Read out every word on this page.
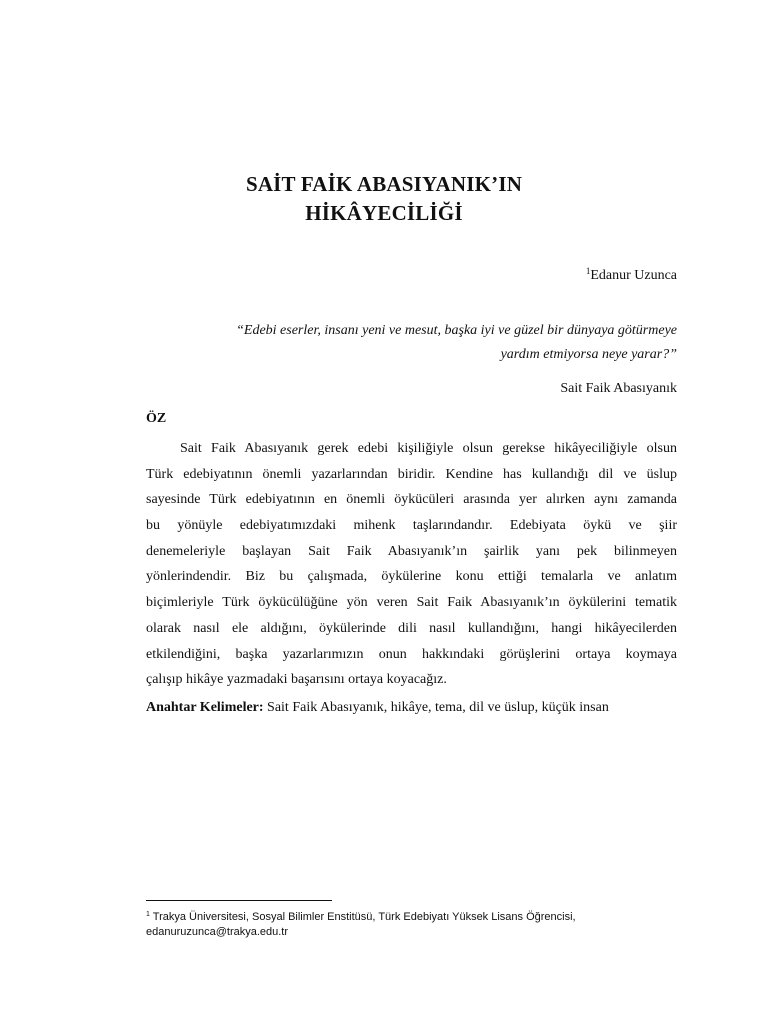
SAİT FAİK ABASIYANIK’IN
HİKÂYECİLİĞİ
$^1$Edanur Uzunca
“Edebi eserler, insanı yeni ve mesut, başka iyi ve güzel bir dünyaya götürmeye
yardım etmiyorsa neye yarar?”
Sait Faik Abasıyanık
ÖZ
Sait Faik Abasıyanık gerek edebi kişiliğiyle olsun gerekse hikâyeciliğiyle olsun
Türk edebiyatının önemli yazarlarından biridir. Kendine has kullandığı dil ve üslup
sayesinde Türk edebiyatının en önemli öykücüleri arasında yer alırken aynı zamanda
bu yönüyle edebiyatımızdaki mihenk taşlarındandır. Edebiyata öykü ve şiir
denemeleriyle başlayan Sait Faik Abasıyanık’ın şairlik yanı pek bilinmeyen
yönlerindendir. Biz bu çalışmada, öykülerine konu ettiği temalarla ve anlatım
biçimleriyle Türk öykücülüğüne yön veren Sait Faik Abasıyanık’ın öykülerini tematik
olarak nasıl ele aldığını, öykülerinde dili nasıl kullandığını, hangi hikâyecilerden
etkilendiğini, başka yazarlarımızın onun hakkındaki görüşlerini ortaya koymaya
çalışıp hikâye yazmadaki başarısını ortaya koyacağız.
Anahtar Kelimeler: Sait Faik Abasıyanık, hikâye, tema, dil ve üslup, küçük insan
$^1$ Trakya Üniversitesi, Sosyal Bilimler Enstitüsü, Türk Edebiyatı Yüksek Lisans Öğrencisi,
edanuruzunca@trakya.edu.tr
